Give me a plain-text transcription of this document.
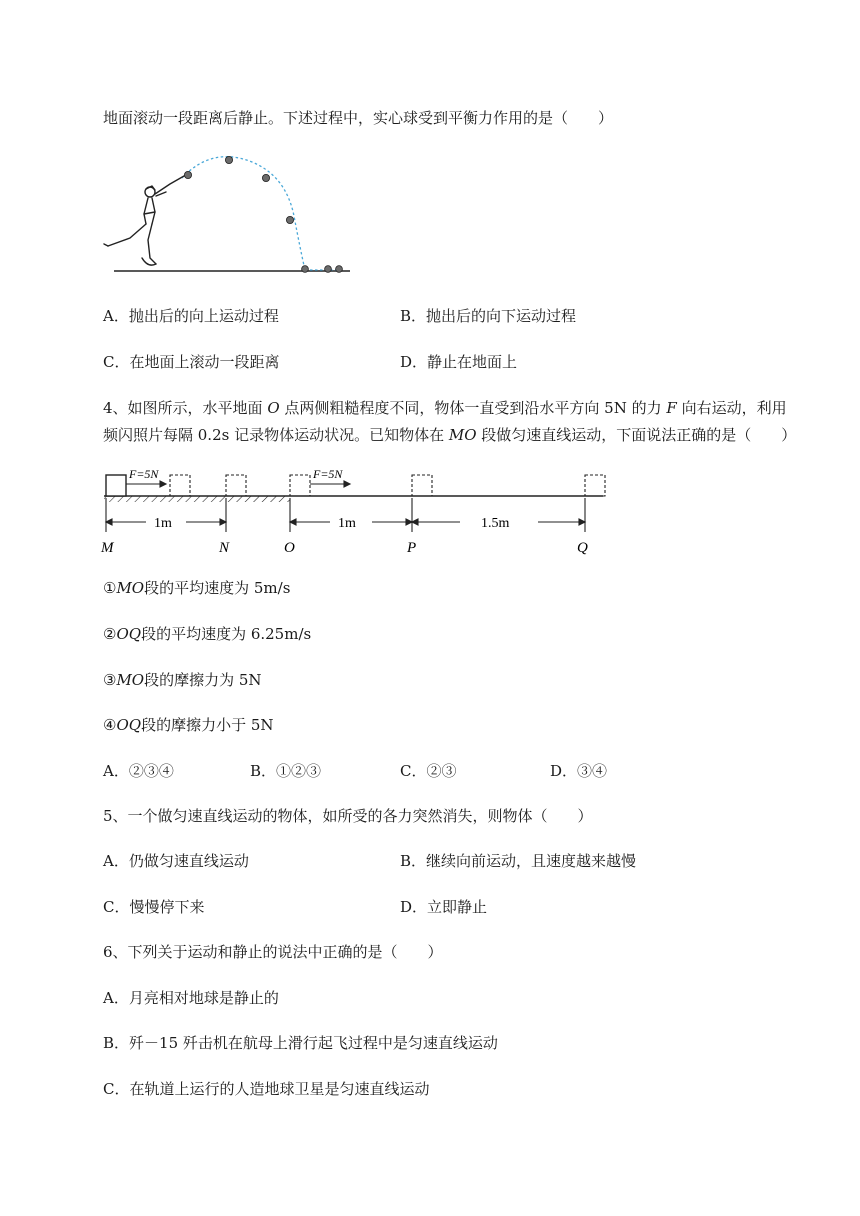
地面滚动一段距离后静止。下述过程中，实心球受到平衡力作用的是（　　）
A．抛出后的向上运动过程	B．抛出后的向下运动过程
C．在地面上滚动一段距离	D．静止在地面上
4、如图所示，水平地面 O 点两侧粗糙程度不同，物体一直受到沿水平方向 5N 的力 F 向右运动，利用
频闪照片每隔 0.2s 记录物体运动状况。已知物体在 MO 段做匀速直线运动，下面说法正确的是（　　）
F=5N	F=5N
1m	1m	1.5m
M	N	O	P	Q
①MO段的平均速度为 5m/s
②OQ段的平均速度为 6.25m/s
③MO段的摩擦力为 5N
④OQ段的摩擦力小于 5N
A．②③④	B．①②③	C．②③	D．③④
5、一个做匀速直线运动的物体，如所受的各力突然消失，则物体（　　）
A．仍做匀速直线运动	B．继续向前运动，且速度越来越慢
C．慢慢停下来	D．立即静止
6、下列关于运动和静止的说法中正确的是（　　）
A．月亮相对地球是静止的
B．歼－15 歼击机在航母上滑行起飞过程中是匀速直线运动
C．在轨道上运行的人造地球卫星是匀速直线运动
